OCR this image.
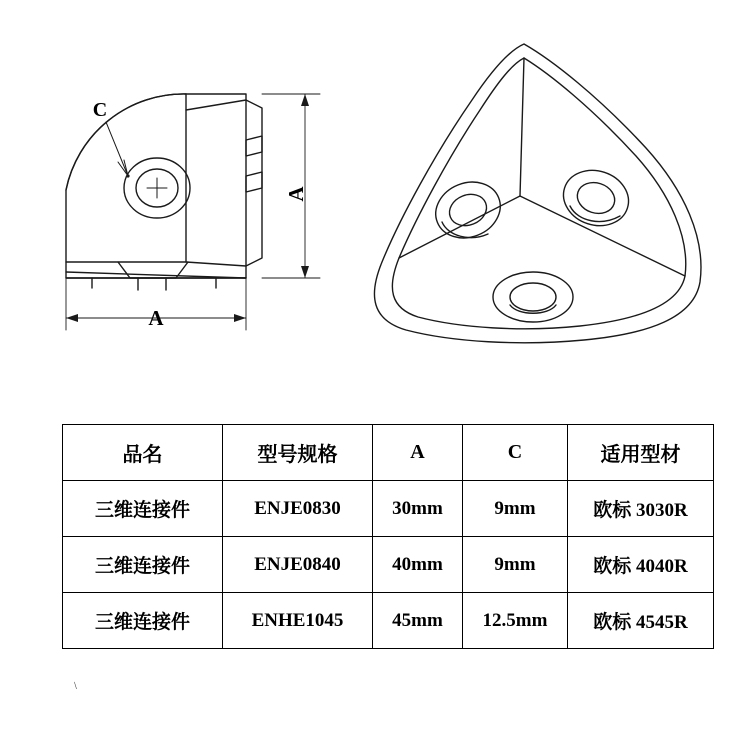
A
A
C
品名	型号规格	A	C	适用型材
三维连接件	ENJE0830	30mm	9mm	欧标 3030R
三维连接件	ENJE0840	40mm	9mm	欧标 4040R
三维连接件	ENHE1045	45mm	12.5mm	欧标 4545R
﹨
